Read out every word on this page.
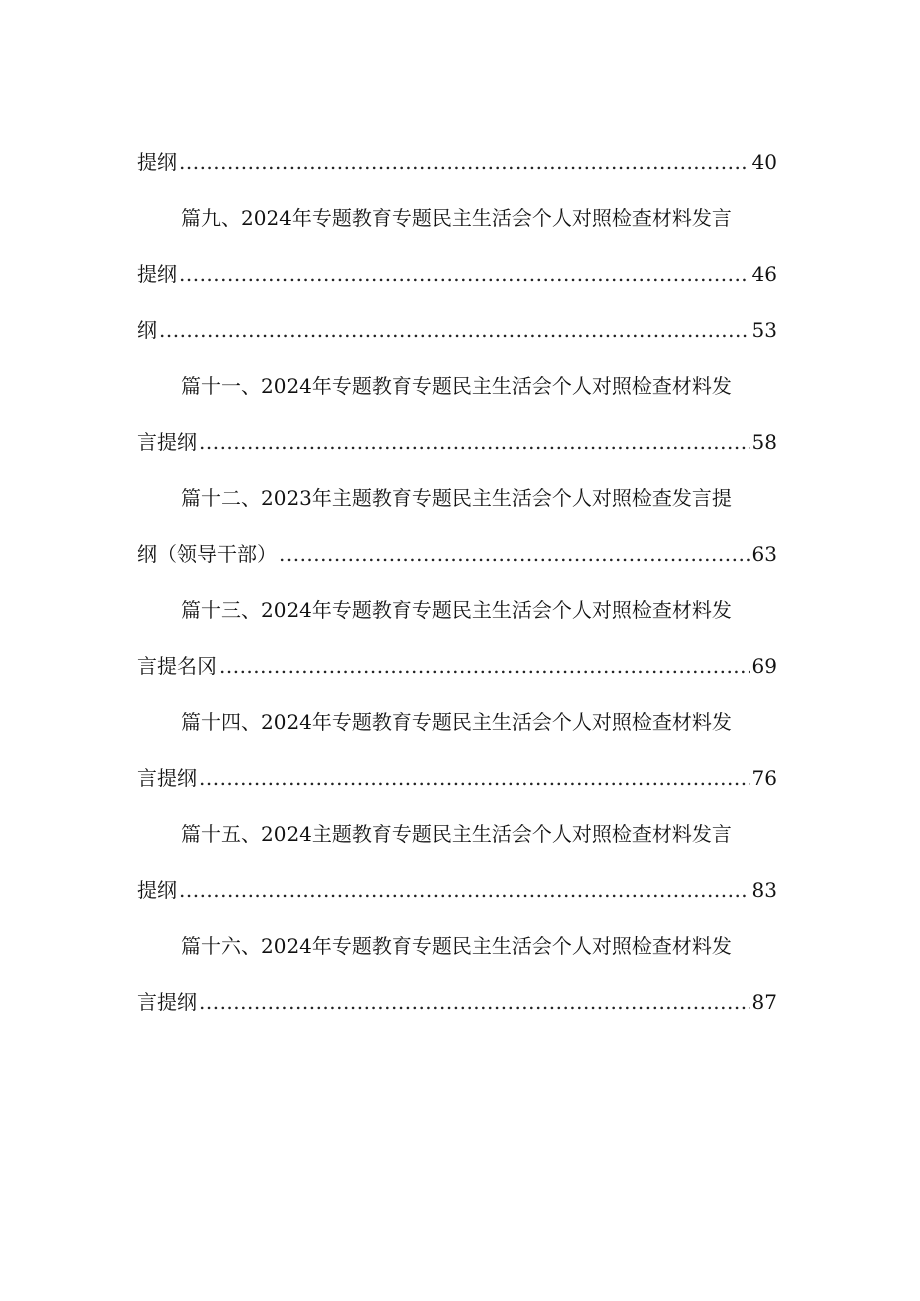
提纲 .....	40
篇九、2024年专题教育专题民主生活会个人对照检查材料发言
提纲 .....	46
纲 .....	53
篇十一、2024年专题教育专题民主生活会个人对照检查材料发
言提纲 .....	58
篇十二、2023年主题教育专题民主生活会个人对照检查发言提
纲（领导干部） .....	63
篇十三、2024年专题教育专题民主生活会个人对照检查材料发
言提名冈 .....	69
篇十四、2024年专题教育专题民主生活会个人对照检查材料发
言提纲 .....	76
篇十五、2024主题教育专题民主生活会个人对照检查材料发言
提纲 .....	83
篇十六、2024年专题教育专题民主生活会个人对照检查材料发
言提纲 .....	87
